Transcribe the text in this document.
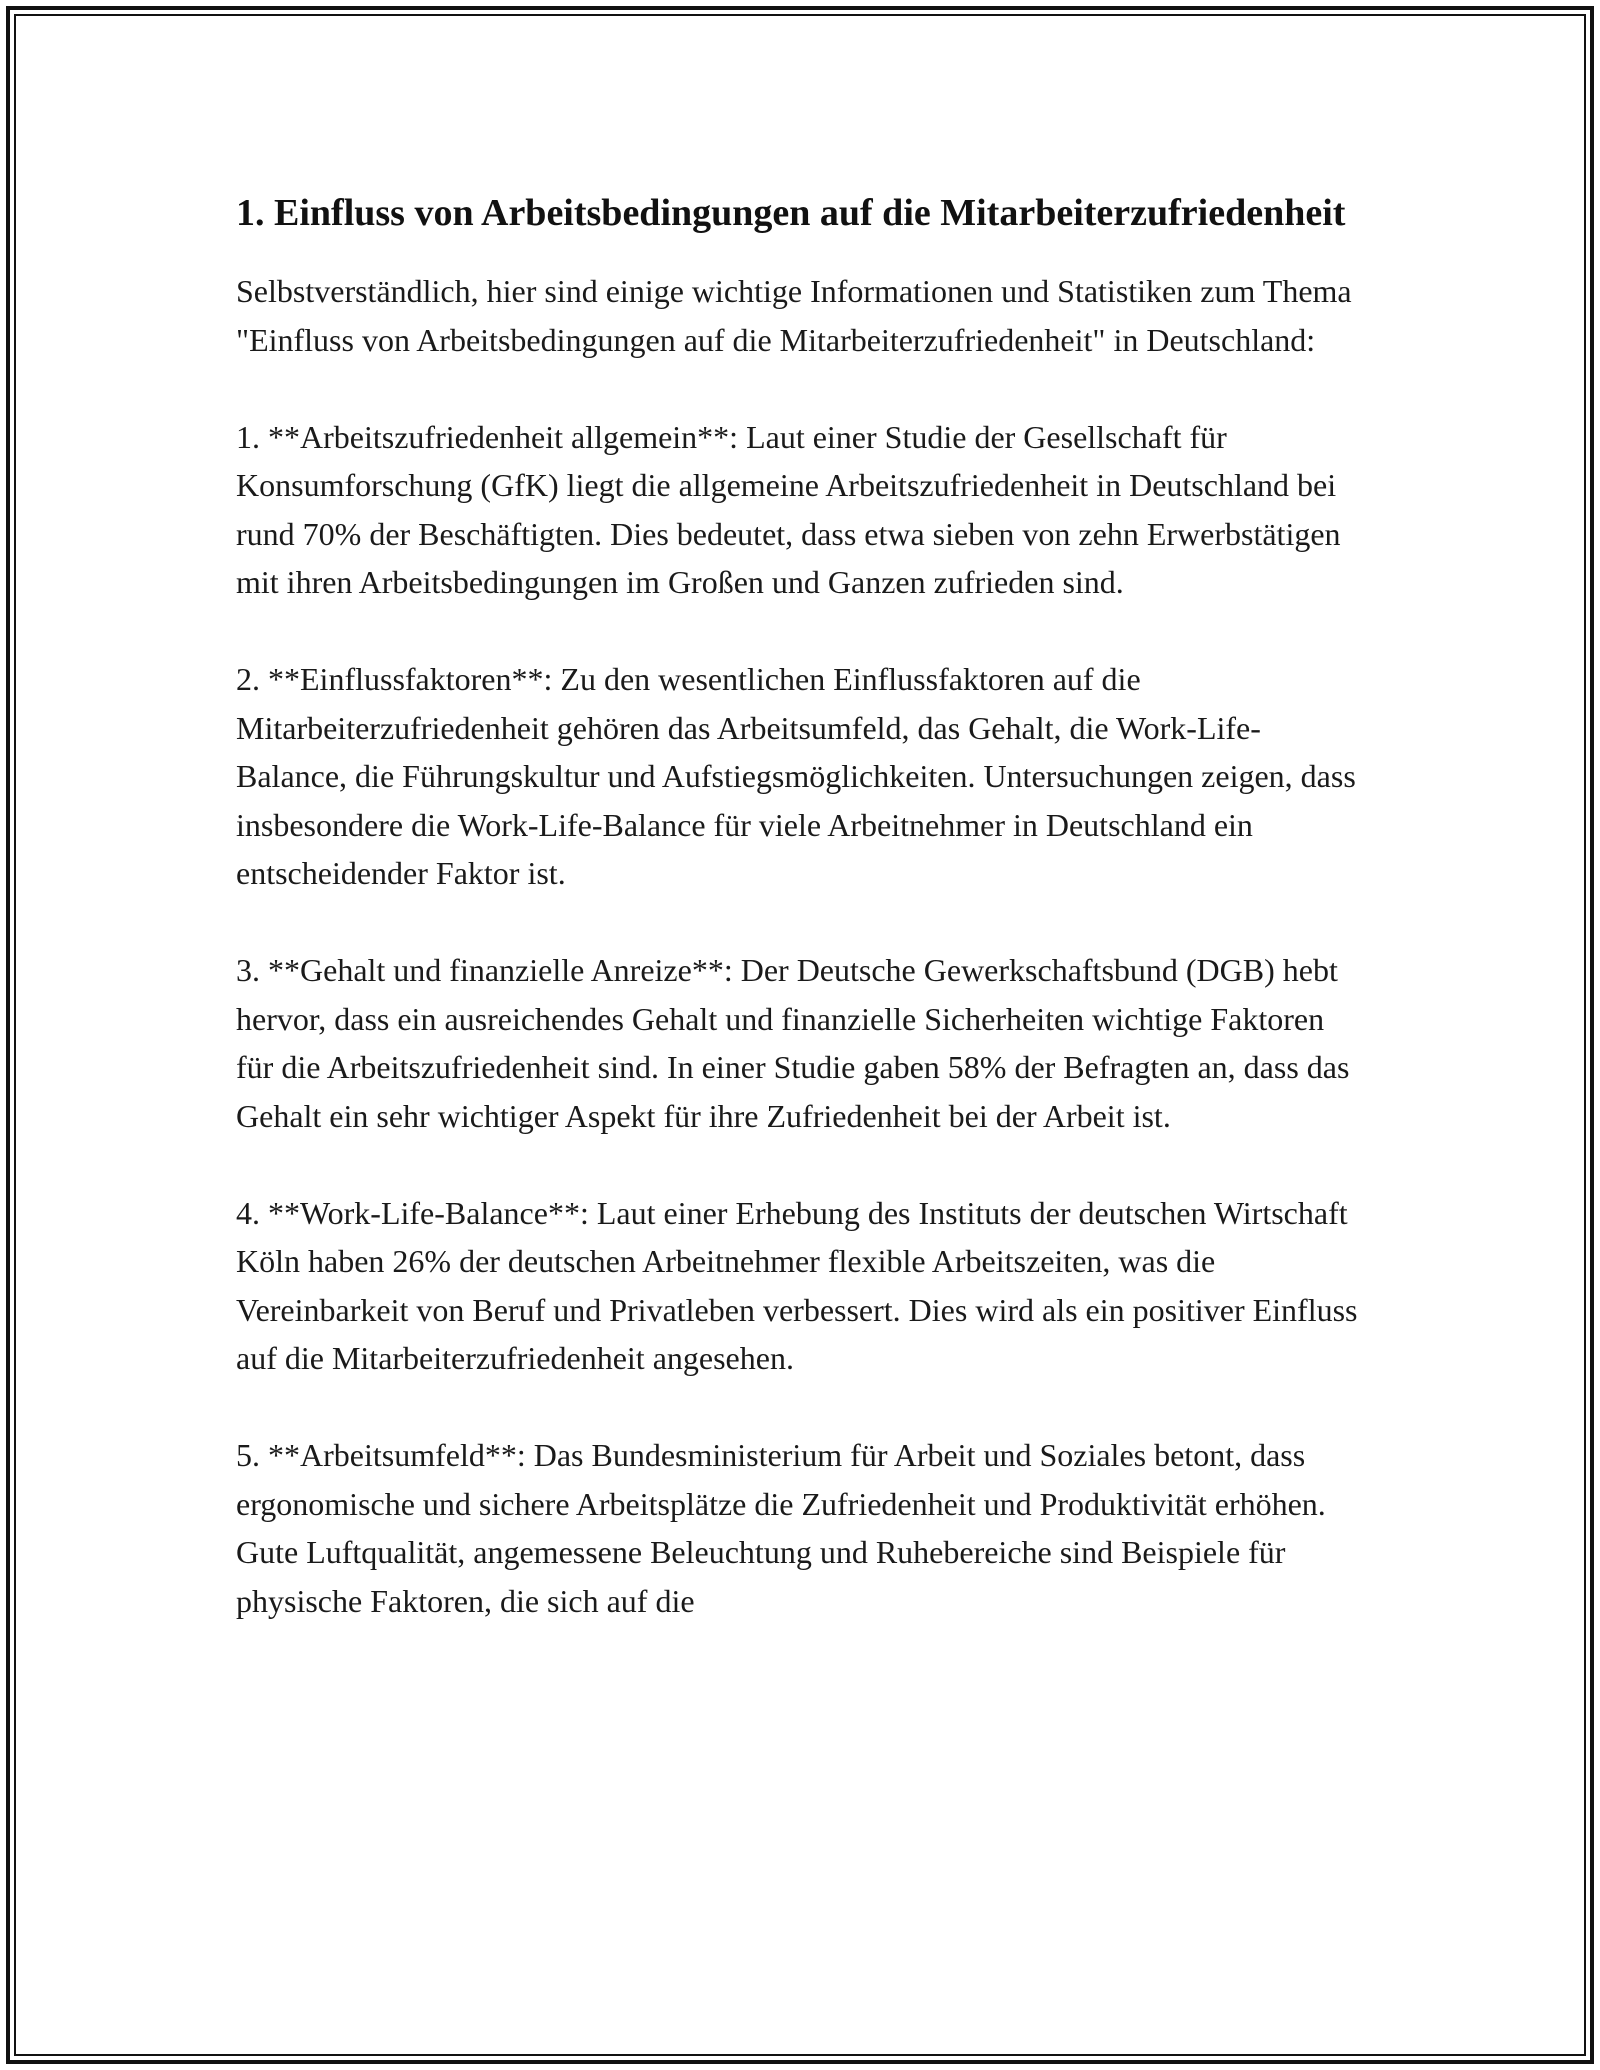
1. Einfluss von Arbeitsbedingungen auf die Mitarbeiterzufriedenheit

Selbstverständlich, hier sind einige wichtige Informationen und Statistiken zum Thema "Einfluss von Arbeitsbedingungen auf die Mitarbeiterzufriedenheit" in Deutschland:

1. **Arbeitszufriedenheit allgemein**: Laut einer Studie der Gesellschaft für Konsumforschung (GfK) liegt die allgemeine Arbeitszufriedenheit in Deutschland bei rund 70% der Beschäftigten. Dies bedeutet, dass etwa sieben von zehn Erwerbstätigen mit ihren Arbeitsbedingungen im Großen und Ganzen zufrieden sind.

2. **Einflussfaktoren**: Zu den wesentlichen Einflussfaktoren auf die Mitarbeiterzufriedenheit gehören das Arbeitsumfeld, das Gehalt, die Work-Life-Balance, die Führungskultur und Aufstiegsmöglichkeiten. Untersuchungen zeigen, dass insbesondere die Work-Life-Balance für viele Arbeitnehmer in Deutschland ein entscheidender Faktor ist.

3. **Gehalt und finanzielle Anreize**: Der Deutsche Gewerkschaftsbund (DGB) hebt hervor, dass ein ausreichendes Gehalt und finanzielle Sicherheiten wichtige Faktoren für die Arbeitszufriedenheit sind. In einer Studie gaben 58% der Befragten an, dass das Gehalt ein sehr wichtiger Aspekt für ihre Zufriedenheit bei der Arbeit ist.

4. **Work-Life-Balance**: Laut einer Erhebung des Instituts der deutschen Wirtschaft Köln haben 26% der deutschen Arbeitnehmer flexible Arbeitszeiten, was die Vereinbarkeit von Beruf und Privatleben verbessert. Dies wird als ein positiver Einfluss auf die Mitarbeiterzufriedenheit angesehen.

5. **Arbeitsumfeld**: Das Bundesministerium für Arbeit und Soziales betont, dass ergonomische und sichere Arbeitsplätze die Zufriedenheit und Produktivität erhöhen. Gute Luftqualität, angemessene Beleuchtung und Ruhebereiche sind Beispiele für physische Faktoren, die sich auf die
